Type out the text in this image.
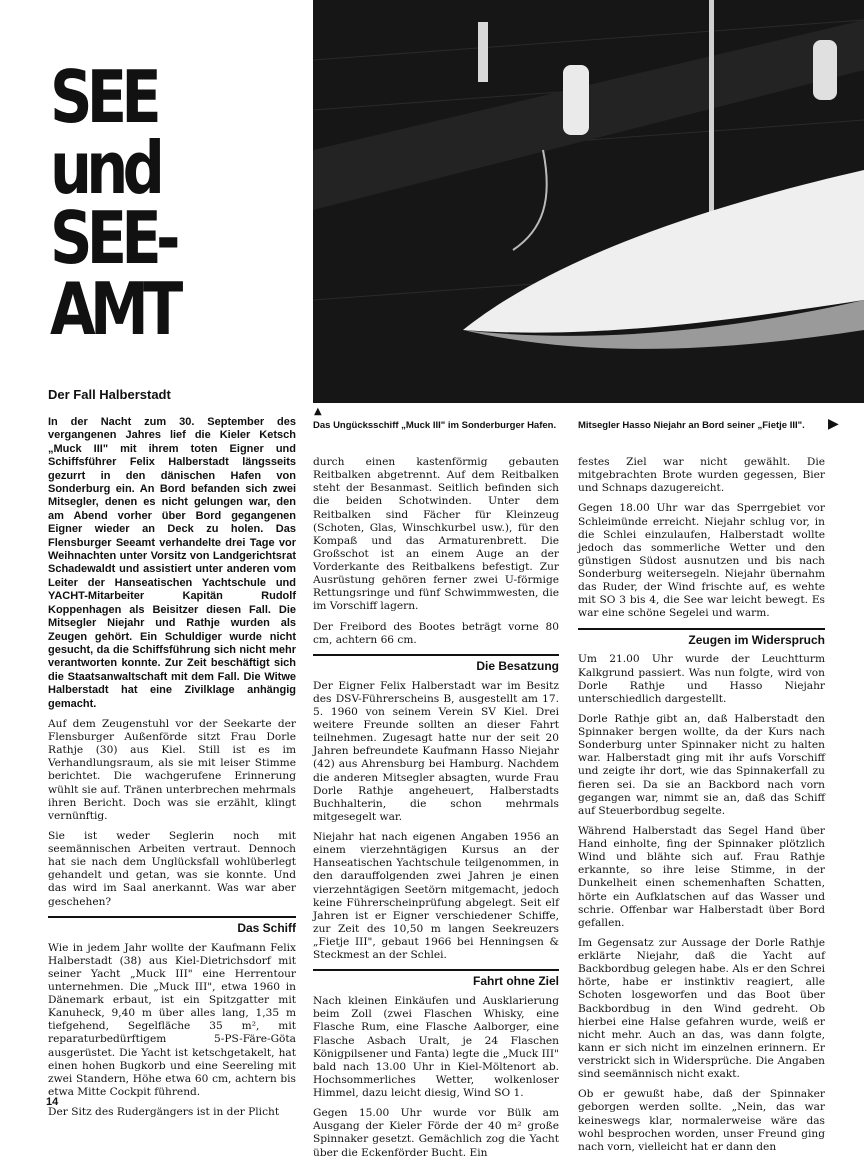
SEE
und
SEE-
AMT
Der Fall Halberstadt
▲
Das Ungücksschiff „Muck III" im Sonderburger Hafen.	Mitsegler Hasso Niejahr an Bord seiner „Fietje III".	▶

In der Nacht zum 30. September des vergangenen Jahres lief die Kieler Ketsch „Muck III" mit ihrem toten Eigner und Schiffsführer Felix Halberstadt längsseits gezurrt in den dänischen Hafen von Sonderburg ein. An Bord befanden sich zwei Mitsegler, denen es nicht gelungen war, den am Abend vorher über Bord gegangenen Eigner wieder an Deck zu holen. Das Flensburger Seeamt verhandelte drei Tage vor Weihnachten unter Vorsitz von Landgerichtsrat Schadewaldt und assistiert unter anderen vom Leiter der Hanseatischen Yachtschule und YACHT-Mitarbeiter Kapitän Rudolf Koppenhagen als Beisitzer diesen Fall. Die Mitsegler Niejahr und Rathje wurden als Zeugen gehört. Ein Schuldiger wurde nicht gesucht, da die Schiffsführung sich nicht mehr verantworten konnte. Zur Zeit beschäftigt sich die Staatsanwaltschaft mit dem Fall. Die Witwe Halberstadt hat eine Zivilklage anhängig gemacht.

Auf dem Zeugenstuhl vor der Seekarte der Flensburger Außenförde sitzt Frau Dorle Rathje (30) aus Kiel. Still ist es im Verhandlungsraum, als sie mit leiser Stimme berichtet. Die wachgerufene Erinnerung wühlt sie auf. Tränen unterbrechen mehrmals ihren Bericht. Doch was sie erzählt, klingt vernünftig.

Sie ist weder Seglerin noch mit seemännischen Arbeiten vertraut. Dennoch hat sie nach dem Unglücksfall wohlüberlegt gehandelt und getan, was sie konnte. Und das wird im Saal anerkannt. Was war aber geschehen?

Das Schiff

Wie in jedem Jahr wollte der Kaufmann Felix Halberstadt (38) aus Kiel-Dietrichsdorf mit seiner Yacht „Muck III" eine Herrentour unternehmen. Die „Muck III", etwa 1960 in Dänemark erbaut, ist ein Spitzgatter mit Kanuheck, 9,40 m über alles lang, 1,35 m tiefgehend, Segelfläche 35 m², mit reparaturbedürftigem 5-PS-Färe-Göta ausgerüstet. Die Yacht ist ketschgetakelt, hat einen hohen Bugkorb und eine Seereling mit zwei Standern, Höhe etwa 60 cm, achtern bis etwa Mitte Cockpit führend.

Der Sitz des Rudergängers ist in der Plicht

durch einen kastenförmig gebauten Reitbalken abgetrennt. Auf dem Reitbalken steht der Besanmast. Seitlich befinden sich die beiden Schotwinden. Unter dem Reitbalken sind Fächer für Kleinzeug (Schoten, Glas, Winschkurbel usw.), für den Kompaß und das Armaturenbrett. Die Großschot ist an einem Auge an der Vorderkante des Reitbalkens befestigt. Zur Ausrüstung gehören ferner zwei U-förmige Rettungsringe und fünf Schwimmwesten, die im Vorschiff lagern.

Der Freibord des Bootes beträgt vorne 80 cm, achtern 66 cm.

Die Besatzung

Der Eigner Felix Halberstadt war im Besitz des DSV-Führerscheins B, ausgestellt am 17. 5. 1960 von seinem Verein SV Kiel. Drei weitere Freunde sollten an dieser Fahrt teilnehmen. Zugesagt hatte nur der seit 20 Jahren befreundete Kaufmann Hasso Niejahr (42) aus Ahrensburg bei Hamburg. Nachdem die anderen Mitsegler absagten, wurde Frau Dorle Rathje angeheuert, Halberstadts Buchhalterin, die schon mehrmals mitgesegelt war.

Niejahr hat nach eigenen Angaben 1956 an einem vierzehntägigen Kursus an der Hanseatischen Yachtschule teilgenommen, in den darauffolgenden zwei Jahren je einen vierzehntägigen Seetörn mitgemacht, jedoch keine Führerscheinprüfung abgelegt. Seit elf Jahren ist er Eigner verschiedener Schiffe, zur Zeit des 10,50 m langen Seekreuzers „Fietje III", gebaut 1966 bei Henningsen & Steckmest an der Schlei.

Fahrt ohne Ziel

Nach kleinen Einkäufen und Ausklarierung beim Zoll (zwei Flaschen Whisky, eine Flasche Rum, eine Flasche Aalborger, eine Flasche Asbach Uralt, je 24 Flaschen Königpilsener und Fanta) legte die „Muck III" bald nach 13.00 Uhr in Kiel-Möltenort ab. Hochsommerliches Wetter, wolkenloser Himmel, dazu leicht diesig, Wind SO 1.

Gegen 15.00 Uhr wurde vor Bülk am Ausgang der Kieler Förde der 40 m² große Spinnaker gesetzt. Gemächlich zog die Yacht über die Eckenförder Bucht. Ein

festes Ziel war nicht gewählt. Die mitgebrachten Brote wurden gegessen, Bier und Schnaps dazugereicht.

Gegen 18.00 Uhr war das Sperrgebiet vor Schleimünde erreicht. Niejahr schlug vor, in die Schlei einzulaufen, Halberstadt wollte jedoch das sommerliche Wetter und den günstigen Südost ausnutzen und bis nach Sonderburg weitersegeln. Niejahr übernahm das Ruder, der Wind frischte auf, es wehte mit SO 3 bis 4, die See war leicht bewegt. Es war eine schöne Segelei und warm.

Zeugen im Widerspruch

Um 21.00 Uhr wurde der Leuchtturm Kalkgrund passiert. Was nun folgte, wird von Dorle Rathje und Hasso Niejahr unterschiedlich dargestellt.

Dorle Rathje gibt an, daß Halberstadt den Spinnaker bergen wollte, da der Kurs nach Sonderburg unter Spinnaker nicht zu halten war. Halberstadt ging mit ihr aufs Vorschiff und zeigte ihr dort, wie das Spinnakerfall zu fieren sei. Da sie an Backbord nach vorn gegangen war, nimmt sie an, daß das Schiff auf Steuerbordbug segelte.

Während Halberstadt das Segel Hand über Hand einholte, fing der Spinnaker plötzlich Wind und blähte sich auf. Frau Rathje erkannte, so ihre leise Stimme, in der Dunkelheit einen schemenhaften Schatten, hörte ein Aufklatschen auf das Wasser und schrie. Offenbar war Halberstadt über Bord gefallen.

Im Gegensatz zur Aussage der Dorle Rathje erklärte Niejahr, daß die Yacht auf Backbordbug gelegen habe. Als er den Schrei hörte, habe er instinktiv reagiert, alle Schoten losgeworfen und das Boot über Backbordbug in den Wind gedreht. Ob hierbei eine Halse gefahren wurde, weiß er nicht mehr. Auch an das, was dann folgte, kann er sich nicht im einzelnen erinnern. Er verstrickt sich in Widersprüche. Die Angaben sind seemännisch nicht exakt.

Ob er gewußt habe, daß der Spinnaker geborgen werden sollte. „Nein, das war keineswegs klar, normalerweise wäre das wohl besprochen worden, unser Freund ging nach vorn, vielleicht hat er dann den

14
